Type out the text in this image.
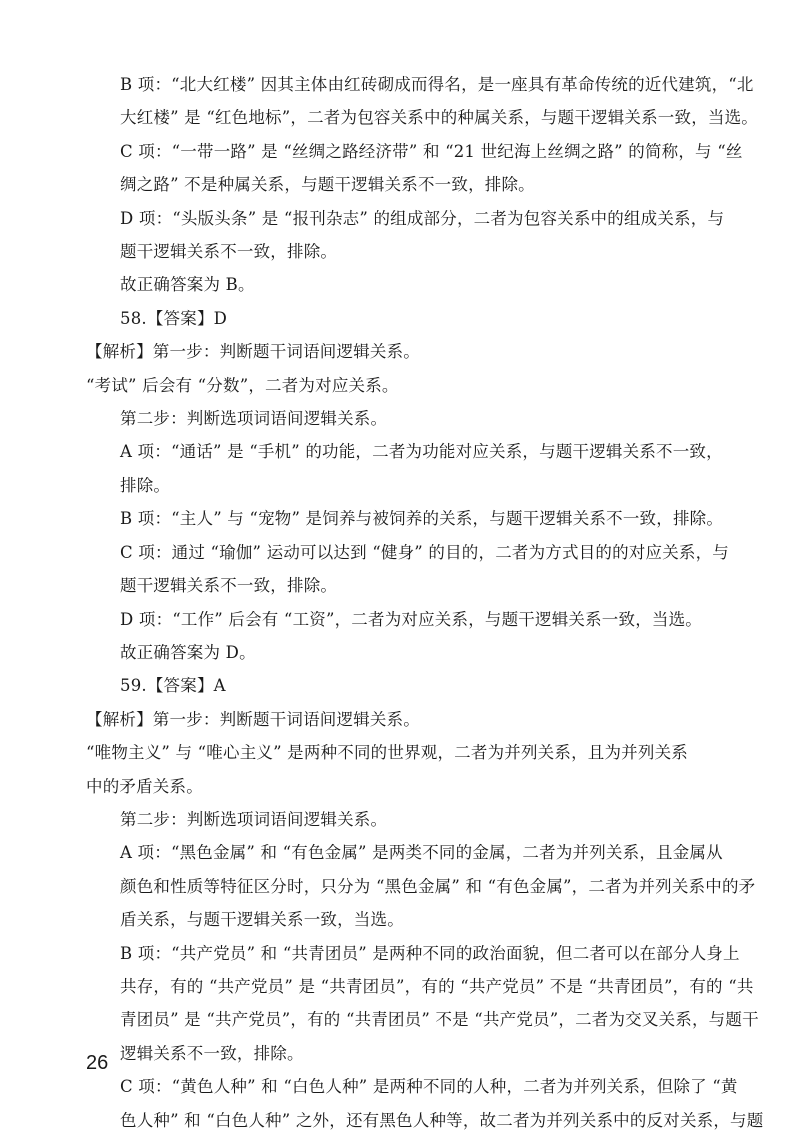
B 项：“北大红楼” 因其主体由红砖砌成而得名，是一座具有革命传统的近代建筑，“北
大红楼” 是 “红色地标”，二者为包容关系中的种属关系，与题干逻辑关系一致，当选。

C 项：“一带一路” 是 “丝绸之路经济带” 和 “21 世纪海上丝绸之路” 的简称，与 “丝
绸之路” 不是种属关系，与题干逻辑关系不一致，排除。

D 项：“头版头条” 是 “报刊杂志” 的组成部分，二者为包容关系中的组成关系，与
题干逻辑关系不一致，排除。

故正确答案为 B。

58.【答案】D

【解析】第一步：判断题干词语间逻辑关系。

“考试” 后会有 “分数”，二者为对应关系。

第二步：判断选项词语间逻辑关系。

A 项：“通话” 是 “手机” 的功能，二者为功能对应关系，与题干逻辑关系不一致，
排除。

B 项：“主人” 与 “宠物” 是饲养与被饲养的关系，与题干逻辑关系不一致，排除。

C 项：通过 “瑜伽” 运动可以达到 “健身” 的目的，二者为方式目的的对应关系，与
题干逻辑关系不一致，排除。

D 项：“工作” 后会有 “工资”，二者为对应关系，与题干逻辑关系一致，当选。

故正确答案为 D。

59.【答案】A

【解析】第一步：判断题干词语间逻辑关系。

“唯物主义” 与 “唯心主义” 是两种不同的世界观，二者为并列关系，且为并列关系
中的矛盾关系。

第二步：判断选项词语间逻辑关系。

A 项：“黑色金属” 和 “有色金属” 是两类不同的金属，二者为并列关系，且金属从
颜色和性质等特征区分时，只分为 “黑色金属” 和 “有色金属”，二者为并列关系中的矛
盾关系，与题干逻辑关系一致，当选。

B 项：“共产党员” 和 “共青团员” 是两种不同的政治面貌，但二者可以在部分人身上
共存，有的 “共产党员” 是 “共青团员”，有的 “共产党员” 不是 “共青团员”，有的 “共
青团员” 是 “共产党员”，有的 “共青团员” 不是 “共产党员”，二者为交叉关系，与题干
逻辑关系不一致，排除。

C 项：“黄色人种” 和 “白色人种” 是两种不同的人种，二者为并列关系，但除了 “黄
色人种” 和 “白色人种” 之外，还有黑色人种等，故二者为并列关系中的反对关系，与题

26
